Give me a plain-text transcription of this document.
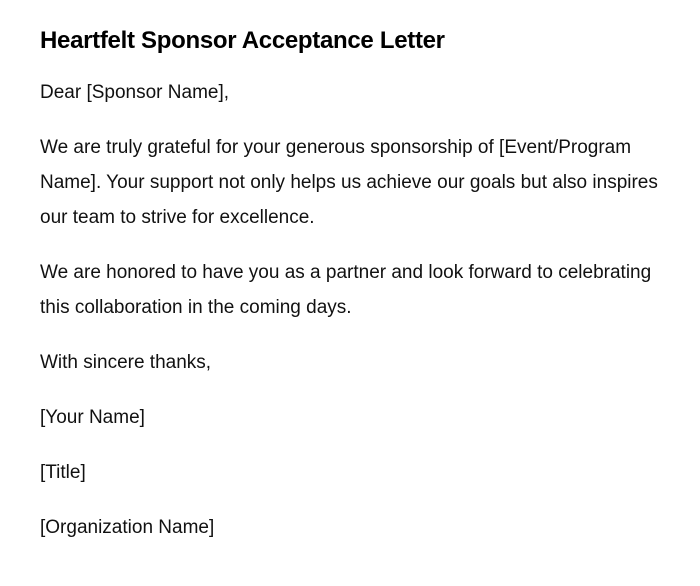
Heartfelt Sponsor Acceptance Letter

Dear [Sponsor Name],

We are truly grateful for your generous sponsorship of [Event/Program Name]. Your support not only helps us achieve our goals but also inspires our team to strive for excellence.

We are honored to have you as a partner and look forward to celebrating this collaboration in the coming days.

With sincere thanks,

[Your Name]

[Title]

[Organization Name]
